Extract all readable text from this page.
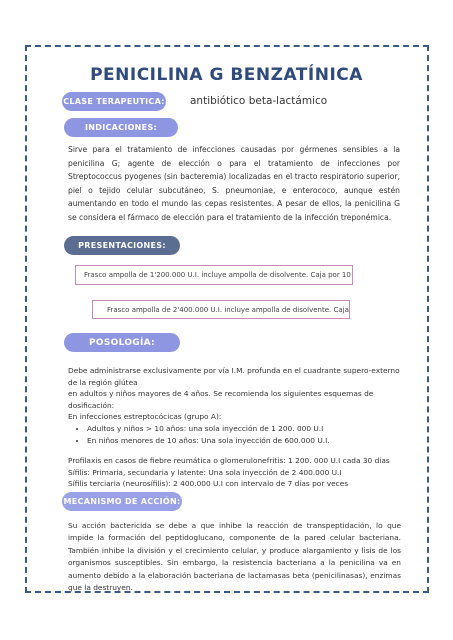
PENICILINA G BENZATÍNICA
CLASE TERAPEUTICA: antibiótico beta-lactámico
INDICACIONES:
Sirve para el tratamiento de infecciones causadas por gérmenes sensibles a la penicilina G; agente de elección o para el tratamiento de infecciones por Streptococcus pyogenes (sin bacteremia) localizadas en el tracto respiratorio superior, piel o tejido celular subcutáneo, S. pneumoniae, e enterococo, aunque estén aumentando en todo el mundo las cepas resistentes. A pesar de ellos, la penicilina G se considera el fármaco de elección para el tratamiento de la infección treponémica.
PRESENTACIONES:
Frasco ampolla de 1'200.000 U.I. incluye ampolla de disolvente. Caja por 10
Frasco ampolla de 2'400.000 U.I. incluye ampolla de disolvente. Caja
POSOLOGÍA:

Debe administrarse exclusivamente por vía I.M. profunda en el cuadrante supero-externo de la región glútea

en adultos y niños mayores de 4 años. Se recomienda los siguientes esquemas de dosificación:

En infecciones estreptocócicas (grupo A):

• Adultos y niños > 10 años: una sola inyección de 1 200. 000 U.I
• En niños menores de 10 años: Una sola inyección de 600.000 U.I.

Profilaxis en casos de fiebre reumática o glomerulonefritis: 1 200. 000 U.I cada 30 días

Sífilis: Primaria, secundaria y latente: Una sola inyección de 2 400.000 U.I

Sífilis terciaria (neurosífilis): 2 400.000 U.I con intervalo de 7 días por veces

MECANISMO DE ACCIÓN:
Su acción bactericida se debe a que inhibe la reacción de transpeptidación, lo que impide la formación del peptidoglucano, componente de la pared celular bacteriana. También inhibe la división y el crecimiento celular, y produce alargamiento y lisis de los organismos susceptibles. Sin embargo, la resistencia bacteriana a la penicilina va en aumento debido a la elaboración bacteriana de lactamasas beta (penicilinasas), enzimas que la destruyen.
